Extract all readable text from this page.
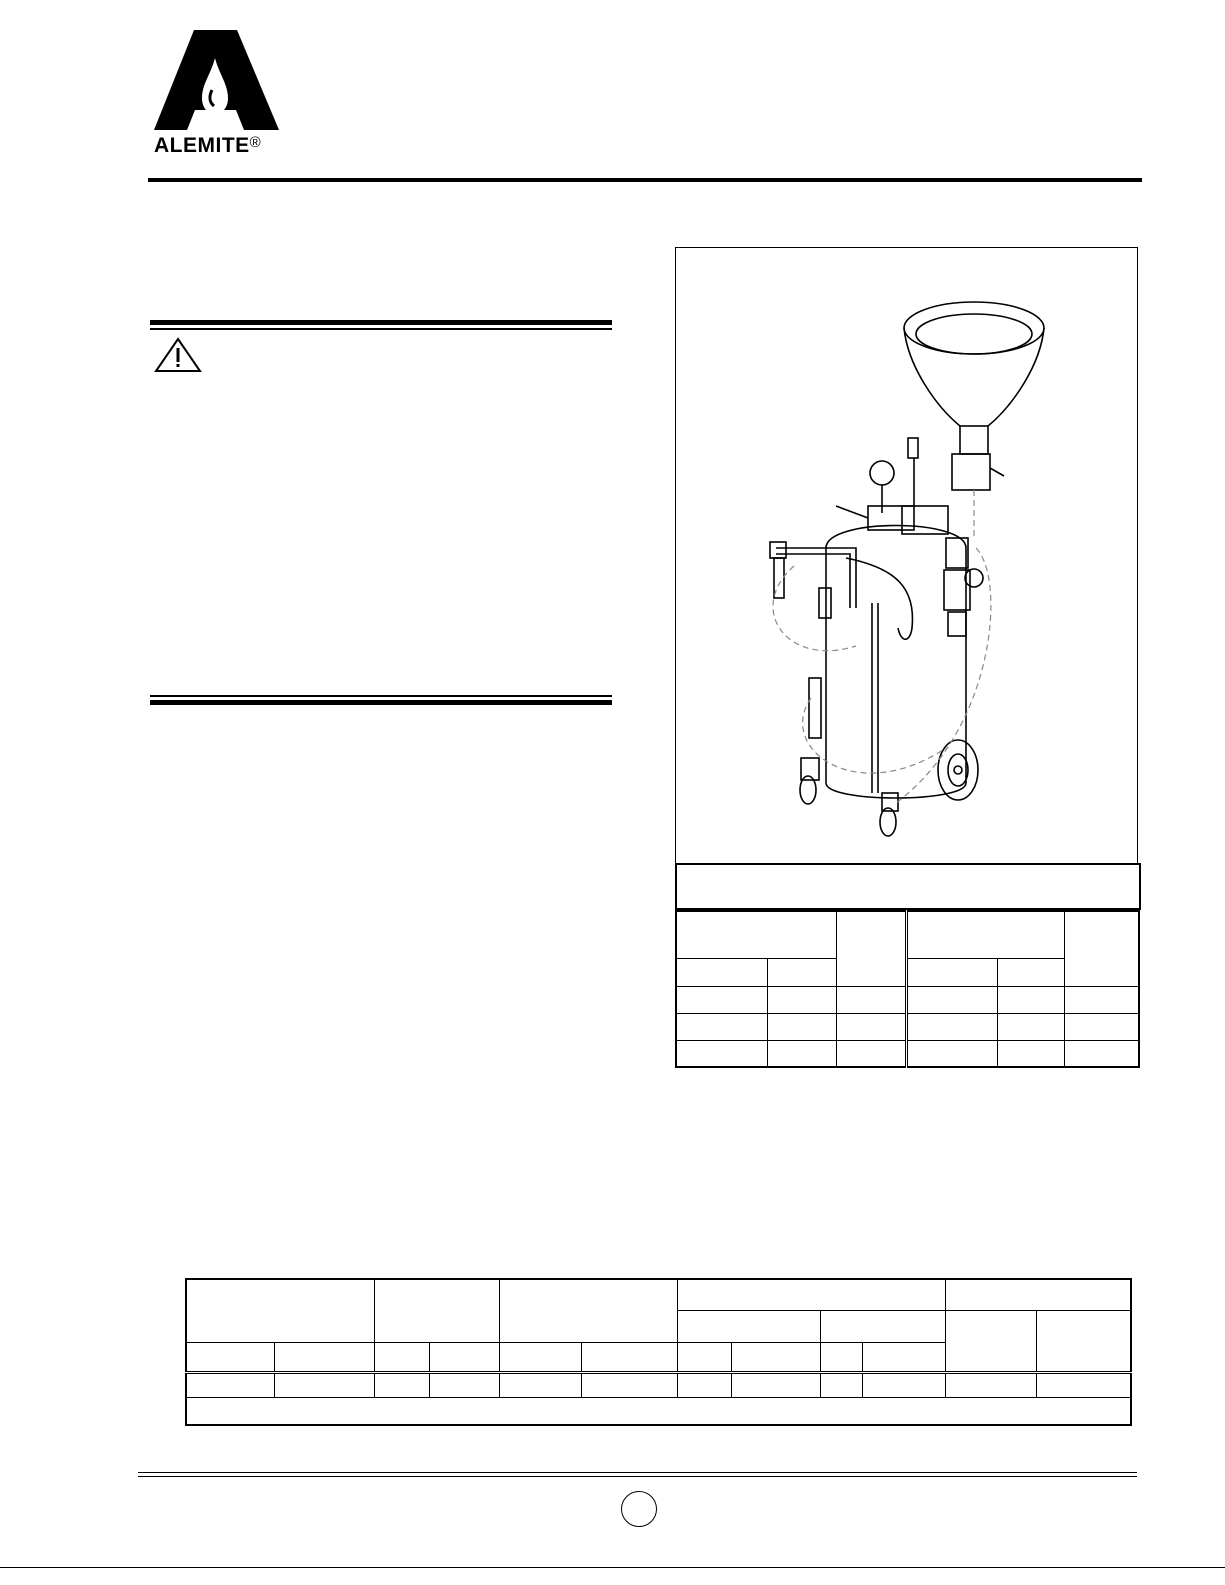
ALEMITE®
